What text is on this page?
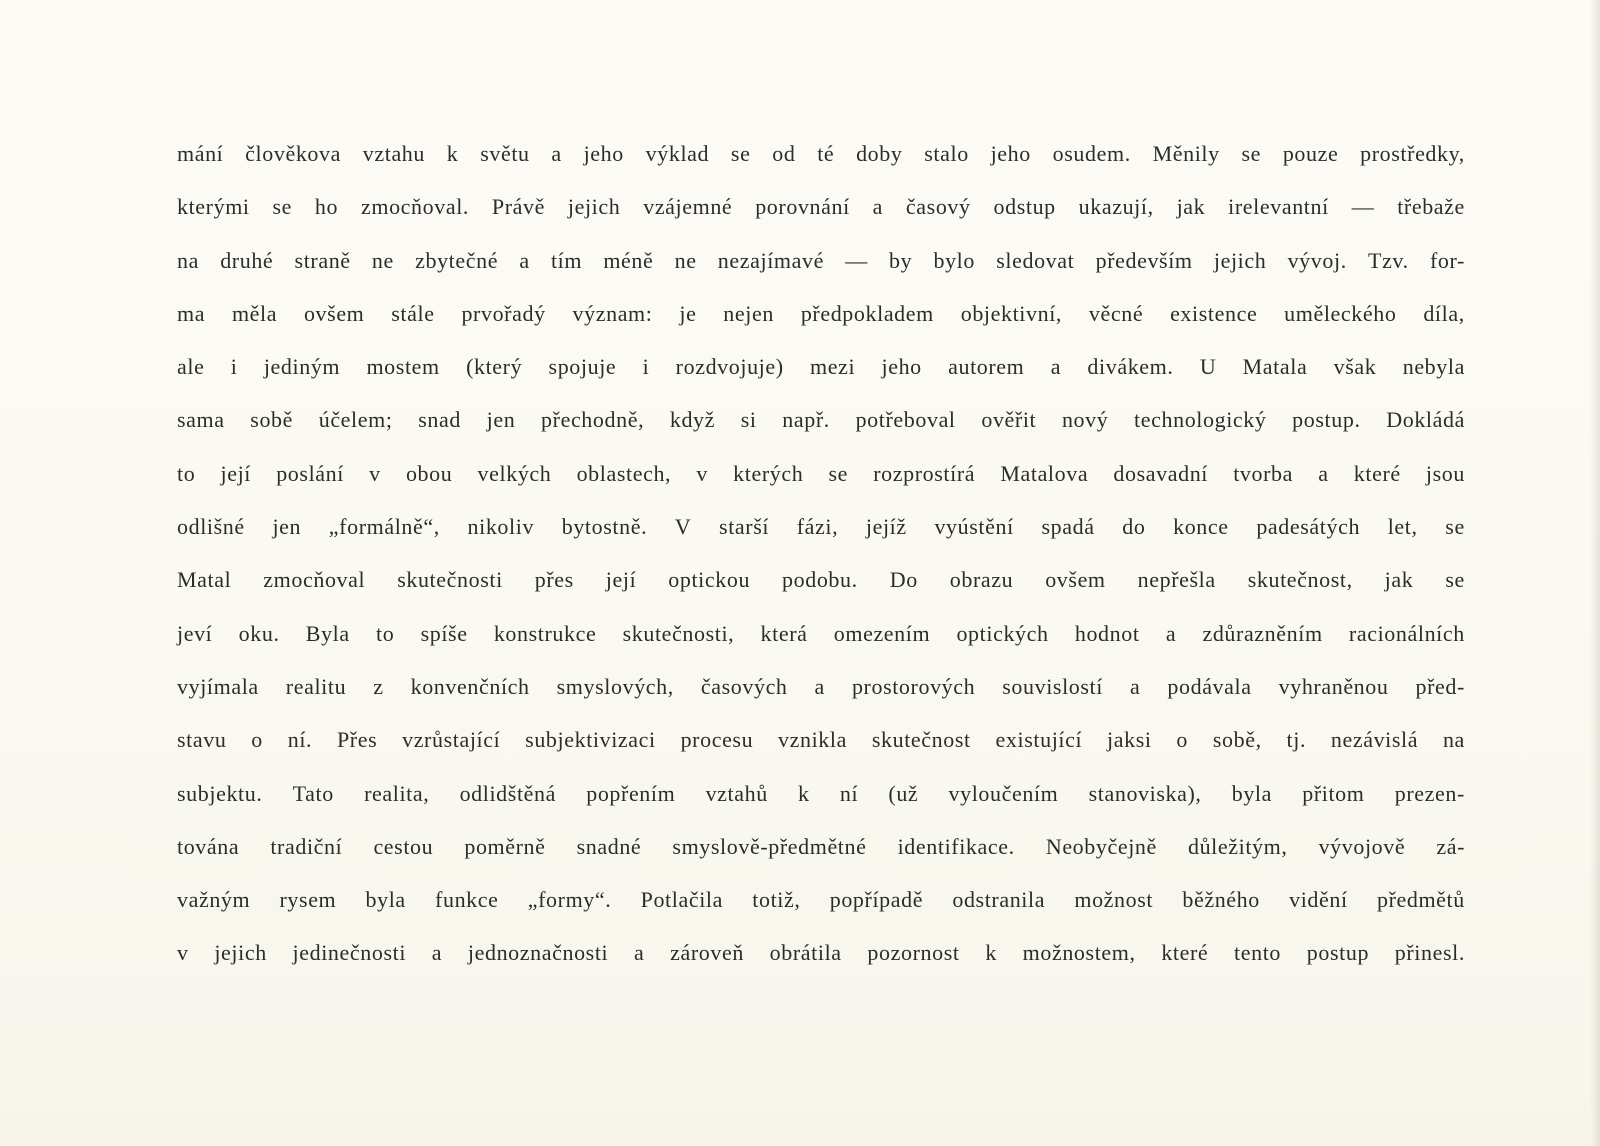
mání člověkova vztahu k světu a jeho výklad se od té doby stalo jeho osudem. Měnily se pouze prostředky,
kterými se ho zmocňoval. Právě jejich vzájemné porovnání a časový odstup ukazují, jak irelevantní — třebaže
na druhé straně ne zbytečné a tím méně ne nezajímavé — by bylo sledovat především jejich vývoj. Tzv. for-
ma měla ovšem stále prvořadý význam: je nejen předpokladem objektivní, věcné existence uměleckého díla,
ale i jediným mostem (který spojuje i rozdvojuje) mezi jeho autorem a divákem. U Matala však nebyla
sama sobě účelem; snad jen přechodně, když si např. potřeboval ověřit nový technologický postup. Dokládá
to její poslání v obou velkých oblastech, v kterých se rozprostírá Matalova dosavadní tvorba a které jsou
odlišné jen „formálně“, nikoliv bytostně. V starší fázi, jejíž vyústění spadá do konce padesátých let, se
Matal zmocňoval skutečnosti přes její optickou podobu. Do obrazu ovšem nepřešla skutečnost, jak se
jeví oku. Byla to spíše konstrukce skutečnosti, která omezením optických hodnot a zdůrazněním racionálních
vyjímala realitu z konvenčních smyslových, časových a prostorových souvislostí a podávala vyhraněnou před-
stavu o ní. Přes vzrůstající subjektivizaci procesu vznikla skutečnost existující jaksi o sobě, tj. nezávislá na
subjektu. Tato realita, odlidštěná popřením vztahů k ní (už vyloučením stanoviska), byla přitom prezen-
tována tradiční cestou poměrně snadné smyslově-předmětné identifikace. Neobyčejně důležitým, vývojově zá-
važným rysem byla funkce „formy“. Potlačila totiž, popřípadě odstranila možnost běžného vidění předmětů
v jejich jedinečnosti a jednoznačnosti a zároveň obrátila pozornost k možnostem, které tento postup přinesl.
